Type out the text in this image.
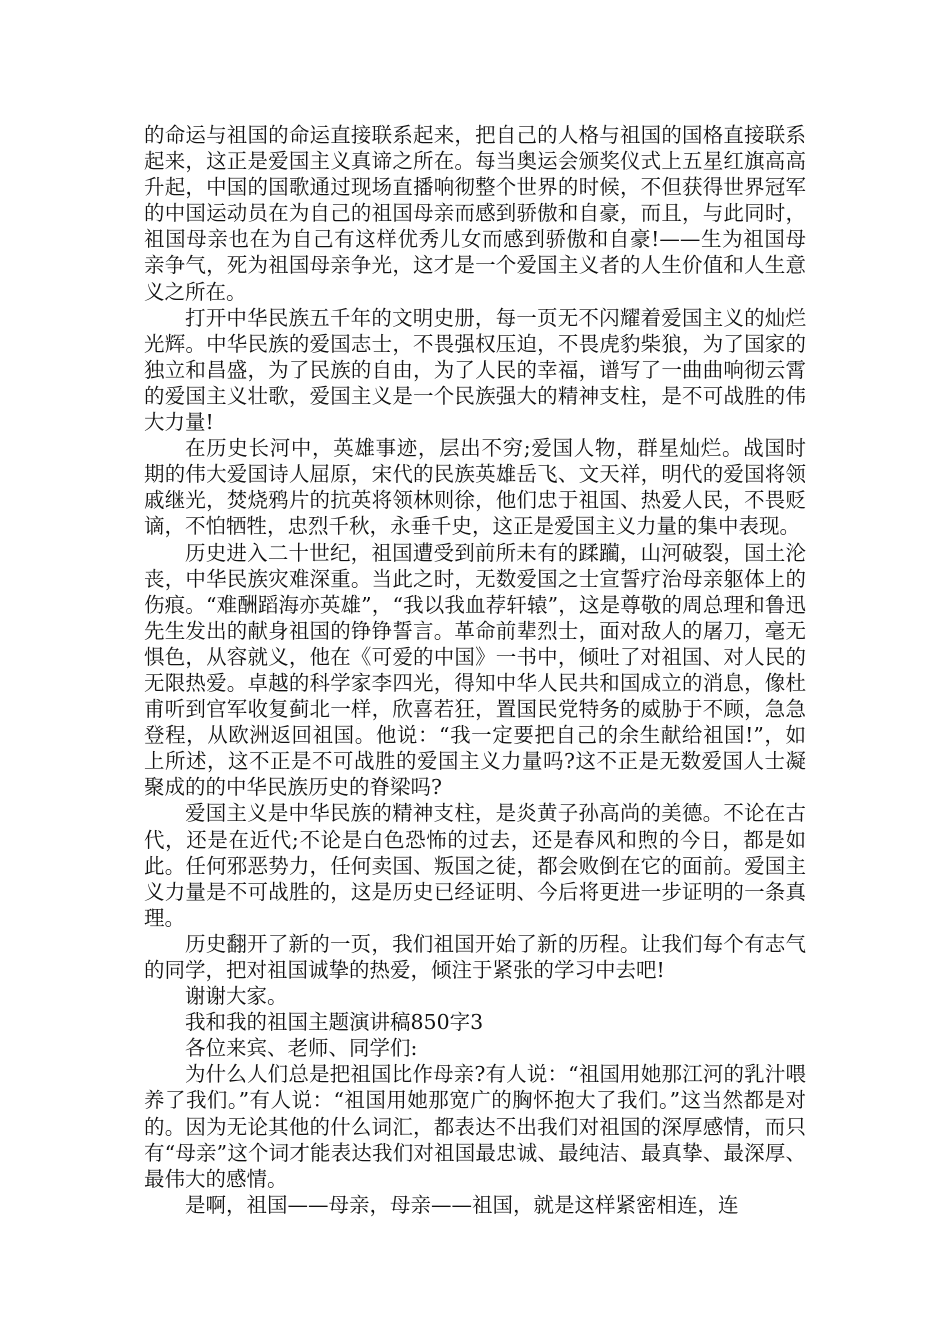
的命运与祖国的命运直接联系起来，把自己的人格与祖国的国格直接联系起来，这正是爱国主义真谛之所在。每当奥运会颁奖仪式上五星红旗高高升起，中国的国歌通过现场直播响彻整个世界的时候，不但获得世界冠军的中国运动员在为自己的祖国母亲而感到骄傲和自豪，而且，与此同时，祖国母亲也在为自己有这样优秀儿女而感到骄傲和自豪!——生为祖国母亲争气，死为祖国母亲争光，这才是一个爱国主义者的人生价值和人生意义之所在。

打开中华民族五千年的文明史册，每一页无不闪耀着爱国主义的灿烂光辉。中华民族的爱国志士，不畏强权压迫，不畏虎豹柴狼，为了国家的独立和昌盛，为了民族的自由，为了人民的幸福，谱写了一曲曲响彻云霄的爱国主义壮歌，爱国主义是一个民族强大的精神支柱，是不可战胜的伟大力量!

在历史长河中，英雄事迹，层出不穷;爱国人物，群星灿烂。战国时期的伟大爱国诗人屈原，宋代的民族英雄岳飞、文天祥，明代的爱国将领戚继光，焚烧鸦片的抗英将领林则徐，他们忠于祖国、热爱人民，不畏贬谪，不怕牺牲，忠烈千秋，永垂千史，这正是爱国主义力量的集中表现。

历史进入二十世纪，祖国遭受到前所未有的蹂躏，山河破裂，国土沦丧，中华民族灾难深重。当此之时，无数爱国之士宣誓疗治母亲躯体上的伤痕。“难酬蹈海亦英雄”，“我以我血荐轩辕”，这是尊敬的周总理和鲁迅先生发出的献身祖国的铮铮誓言。革命前辈烈士，面对敌人的屠刀，毫无惧色，从容就义，他在《可爱的中国》一书中，倾吐了对祖国、对人民的无限热爱。卓越的科学家李四光，得知中华人民共和国成立的消息，像杜甫听到官军收复蓟北一样，欣喜若狂，置国民党特务的威胁于不顾，急急登程，从欧洲返回祖国。他说：“我一定要把自己的余生献给祖国!”，如上所述，这不正是不可战胜的爱国主义力量吗?这不正是无数爱国人士凝聚成的的中华民族历史的脊梁吗?

爱国主义是中华民族的精神支柱，是炎黄子孙高尚的美德。不论在古代，还是在近代;不论是白色恐怖的过去，还是春风和煦的今日，都是如此。任何邪恶势力，任何卖国、叛国之徒，都会败倒在它的面前。爱国主义力量是不可战胜的，这是历史已经证明、今后将更进一步证明的一条真理。

历史翻开了新的一页，我们祖国开始了新的历程。让我们每个有志气的同学，把对祖国诚挚的热爱，倾注于紧张的学习中去吧!

谢谢大家。

我和我的祖国主题演讲稿850字3

各位来宾、老师、同学们:

为什么人们总是把祖国比作母亲?有人说：“祖国用她那江河的乳汁喂养了我们。”有人说：“祖国用她那宽广的胸怀抱大了我们。”这当然都是对的。因为无论其他的什么词汇，都表达不出我们对祖国的深厚感情，而只有“母亲”这个词才能表达我们对祖国最忠诚、最纯洁、最真挚、最深厚、最伟大的感情。

是啊，祖国——母亲，母亲——祖国，就是这样紧密相连，连
